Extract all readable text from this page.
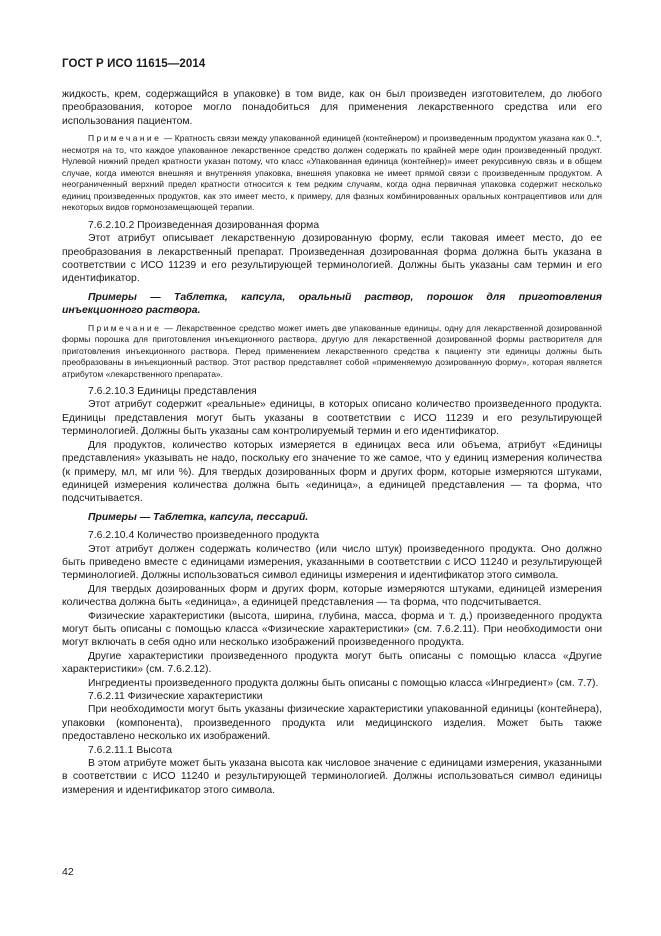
ГОСТ Р ИСО 11615—2014

жидкость, крем, содержащийся в упаковке) в том виде, как он был произведен изготовителем, до любого преобразования, которое могло понадобиться для применения лекарственного средства или его использования пациентом.

Примечание — Кратность связи между упакованной единицей (контейнером) и произведенным продуктом указана как 0..*, несмотря на то, что каждое упакованное лекарственное средство должен содержать по крайней мере один произведенный продукт. Нулевой нижний предел кратности указан потому, что класс «Упакованная единица (контейнер)» имеет рекурсивную связь и в общем случае, когда имеются внешняя и внутренняя упаковка, внешняя упаковка не имеет прямой связи с произведенным продуктом. А неограниченный верхний предел кратности относится к тем редким случаям, когда одна первичная упаковка содержит несколько единиц произведенных продуктов, как это имеет место, к примеру, для фазных комбинированных оральных контрацептивов или для некоторых видов гормонозамещающей терапии.

7.6.2.10.2 Произведенная дозированная форма

Этот атрибут описывает лекарственную дозированную форму, если таковая имеет место, до ее преобразования в лекарственный препарат. Произведенная дозированная форма должна быть указана в соответствии с ИСО 11239 и его результирующей терминологией. Должны быть указаны сам термин и его идентификатор.

Примеры — Таблетка, капсула, оральный раствор, порошок для приготовления инъекционного раствора.

Примечание — Лекарственное средство может иметь две упакованные единицы, одну для лекарственной дозированной формы порошка для приготовления инъекционного раствора, другую для лекарственной дозированной формы растворителя для приготовления инъекционного раствора. Перед применением лекарственного средства к пациенту эти единицы должны быть преобразованы в инъекционный раствор. Этот раствор представляет собой «применяемую дозированную форму», которая является атрибутом «лекарственного препарата».

7.6.2.10.3 Единицы представления

Этот атрибут содержит «реальные» единицы, в которых описано количество произведенного продукта. Единицы представления могут быть указаны в соответствии с ИСО 11239 и его результирующей терминологией. Должны быть указаны сам контролируемый термин и его идентификатор.

Для продуктов, количество которых измеряется в единицах веса или объема, атрибут «Единицы представления» указывать не надо, поскольку его значение то же самое, что у единиц измерения количества (к примеру, мл, мг или %). Для твердых дозированных форм и других форм, которые измеряются штуками, единицей измерения количества должна быть «единица», а единицей представления — та форма, что подсчитывается.

Примеры — Таблетка, капсула, пессарий.

7.6.2.10.4 Количество произведенного продукта

Этот атрибут должен содержать количество (или число штук) произведенного продукта. Оно должно быть приведено вместе с единицами измерения, указанными в соответствии с ИСО 11240 и результирующей терминологией. Должны использоваться символ единицы измерения и идентификатор этого символа.

Для твердых дозированных форм и других форм, которые измеряются штуками, единицей измерения количества должна быть «единица», а единицей представления — та форма, что подсчитывается.

Физические характеристики (высота, ширина, глубина, масса, форма и т. д.) произведенного продукта могут быть описаны с помощью класса «Физические характеристики» (см. 7.6.2.11). При необходимости они могут включать в себя одно или несколько изображений произведенного продукта.

Другие характеристики произведенного продукта могут быть описаны с помощью класса «Другие характеристики» (см. 7.6.2.12).

Ингредиенты произведенного продукта должны быть описаны с помощью класса «Ингредиент» (см. 7.7).

7.6.2.11 Физические характеристики

При необходимости могут быть указаны физические характеристики упакованной единицы (контейнера), упаковки (компонента), произведенного продукта или медицинского изделия. Может быть также предоставлено несколько их изображений.

7.6.2.11.1 Высота

В этом атрибуте может быть указана высота как числовое значение с единицами измерения, указанными в соответствии с ИСО 11240 и результирующей терминологией. Должны использоваться символ единицы измерения и идентификатор этого символа.

42
